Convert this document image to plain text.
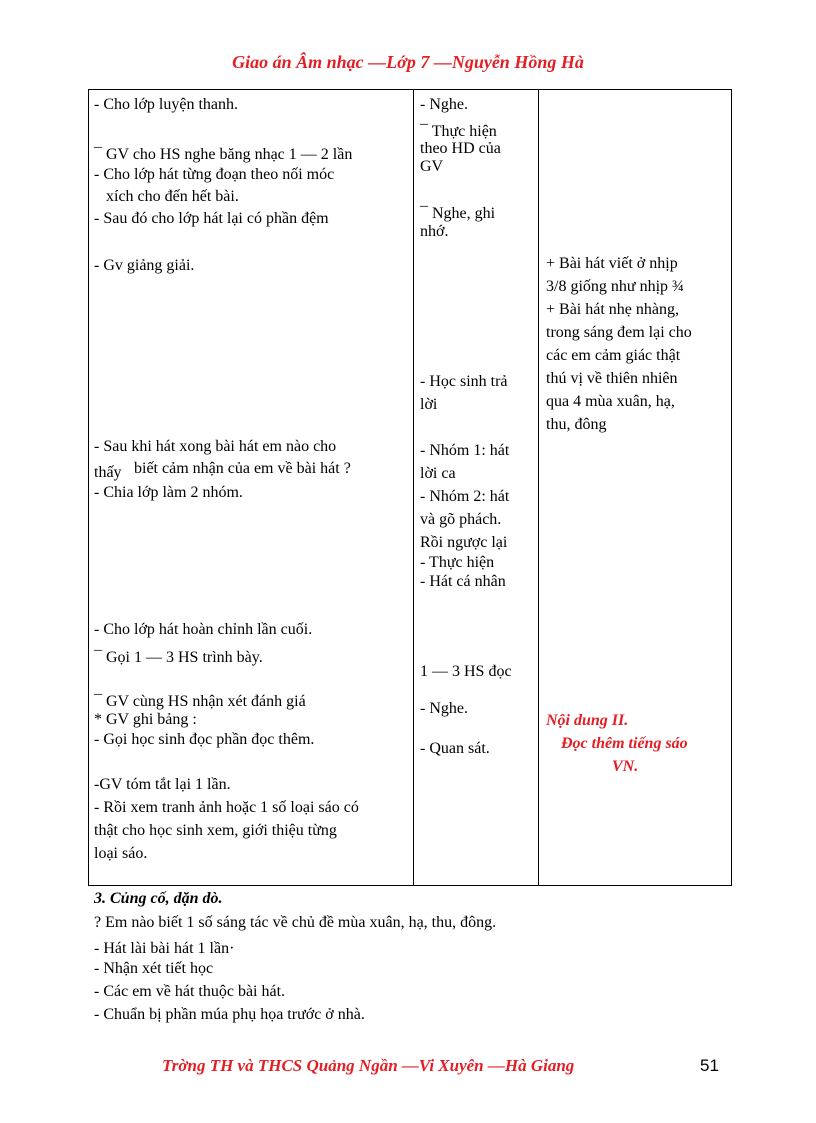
Giao án Âm nhạc —Lớp 7 —Nguyễn Hồng Hà
- Cho lớp luyện thanh.
¯ GV cho HS nghe băng nhạc 1 — 2 lần
- Cho lớp hát từng đoạn theo nối móc
xích cho đến hết bài.
- Sau đó cho lớp hát lại có phần đệm
- Gv giảng giải.
- Sau khi hát xong bài hát em nào cho
thấy biết cảm nhận của em về bài hát ?
- Chia lớp làm 2 nhóm.
- Cho lớp hát hoàn chỉnh lần cuối.
¯ Gọi 1 — 3 HS trình bày.
¯ GV cùng HS nhận xét đánh giá
* GV ghi bảng :
- Gọi học sinh đọc phần đọc thêm.
-GV tóm tắt lại 1 lần.
- Rồi xem tranh ảnh hoặc 1 số loại sáo có
thật cho học sinh xem, giới thiệu từng
loại sáo.
- Nghe.
¯ Thực hiện
theo HD của
GV
¯ Nghe, ghi
nhớ.
- Học sinh trả
lời
- Nhóm 1: hát
lời ca
- Nhóm 2: hát
và gõ phách.
Rồi ngược lại
- Thực hiện
- Hát cá nhân
1 — 3 HS đọc
- Nghe.
- Quan sát.
+ Bài hát viết ở nhịp
3/8 giống như nhịp ¾
+ Bài hát nhẹ nhàng,
trong sáng đem lại cho
các em cảm giác thật
thú vị về thiên nhiên
qua 4 mùa xuân, hạ,
thu, đông
Nội dung II.
Đọc thêm tiếng sáo
VN.
3. Củng cố, dặn dò.
? Em nào biết 1 số sáng tác về chủ đề mùa xuân, hạ, thu, đông.
- Hát lài bài hát 1 lần·
- Nhận xét tiết học
- Các em về hát thuộc bài hát.
- Chuẩn bị phần múa phụ họa trước ở nhà.
Trờng TH và THCS Quảng Ngần —Vi Xuyên —Hà Giang	51
